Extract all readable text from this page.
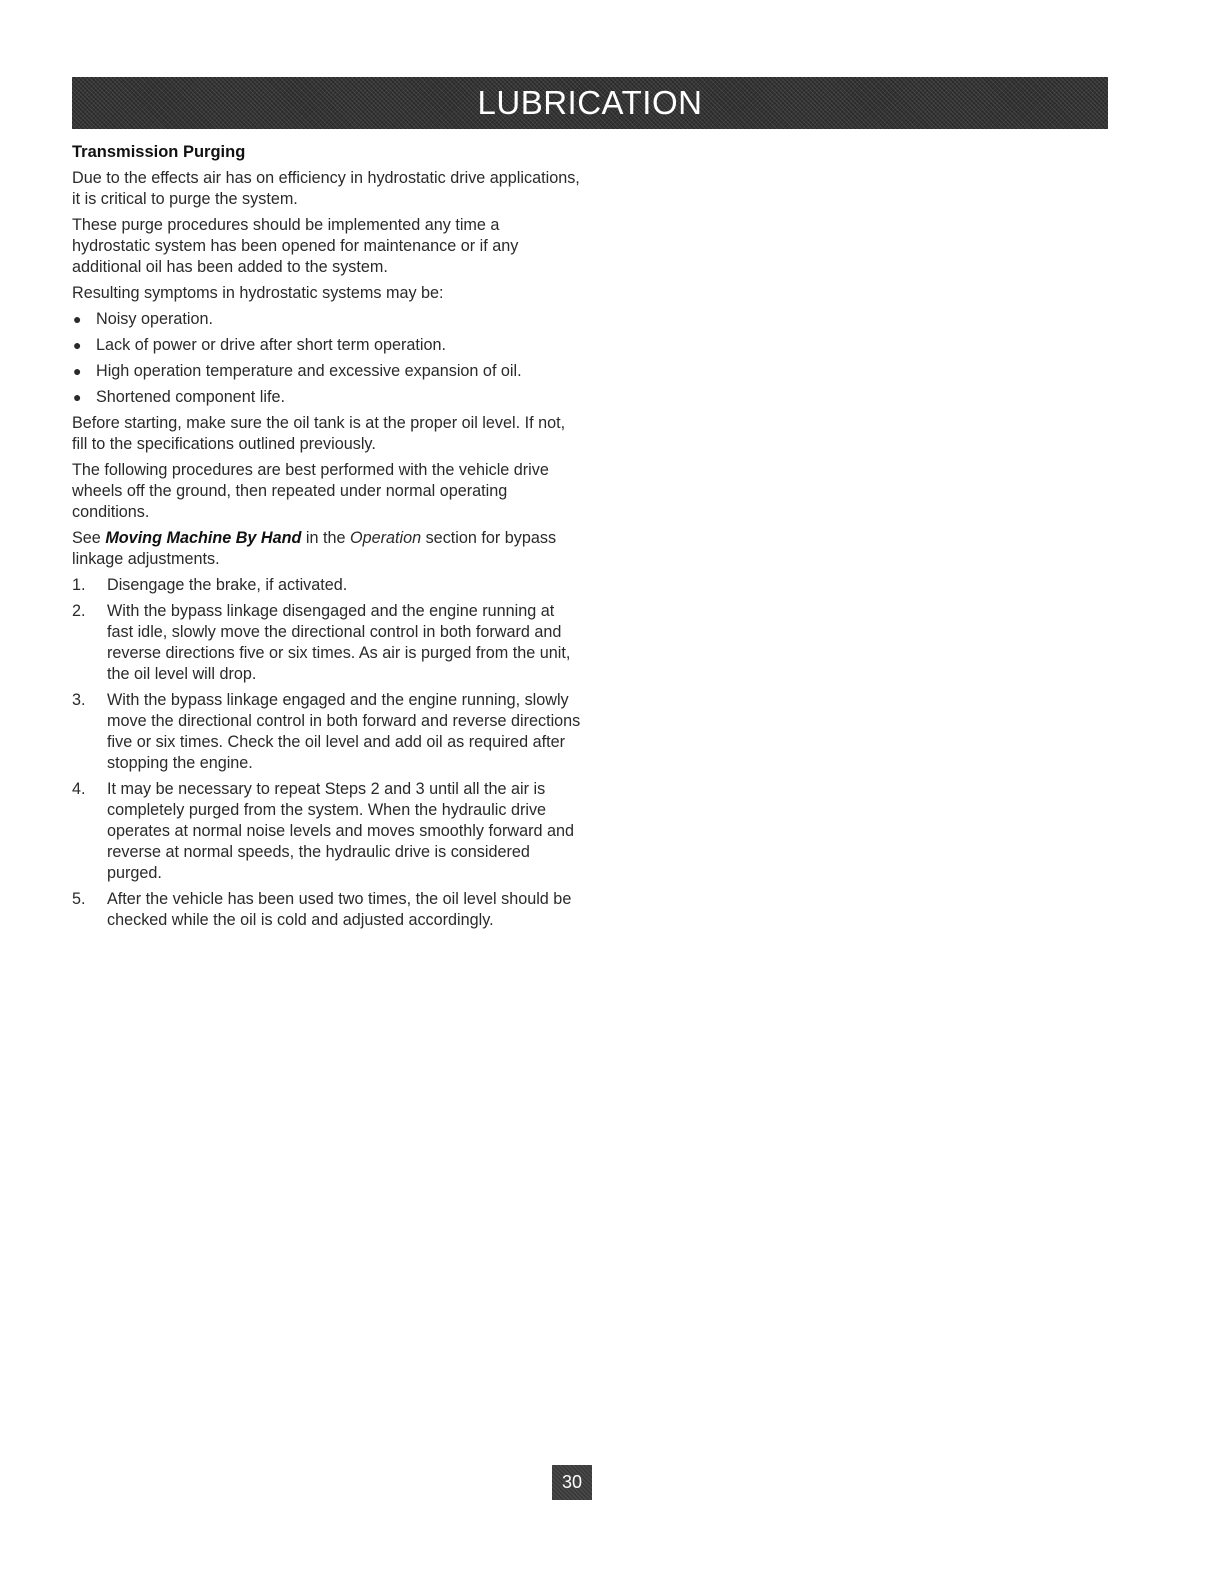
LUBRICATION
Transmission Purging

Due to the effects air has on efficiency in hydrostatic drive applications, it is critical to purge the system.

These purge procedures should be implemented any time a hydrostatic system has been opened for maintenance or if any additional oil has been added to the system.

Resulting symptoms in hydrostatic systems may be:

● Noisy operation.
● Lack of power or drive after short term operation.
● High operation temperature and excessive expansion of oil.
● Shortened component life.

Before starting, make sure the oil tank is at the proper oil level. If not, fill to the specifications outlined previously.

The following procedures are best performed with the vehicle drive wheels off the ground, then repeated under normal operating conditions.

See Moving Machine By Hand in the Operation section for bypass linkage adjustments.

1. Disengage the brake, if activated.
2. With the bypass linkage disengaged and the engine running at fast idle, slowly move the directional control in both forward and reverse directions five or six times. As air is purged from the unit, the oil level will drop.
3. With the bypass linkage engaged and the engine running, slowly move the directional control in both forward and reverse directions five or six times. Check the oil level and add oil as required after stopping the engine.
4. It may be necessary to repeat Steps 2 and 3 until all the air is completely purged from the system. When the hydraulic drive operates at normal noise levels and moves smoothly forward and reverse at normal speeds, the hydraulic drive is considered purged.
5. After the vehicle has been used two times, the oil level should be checked while the oil is cold and adjusted accordingly.
30
